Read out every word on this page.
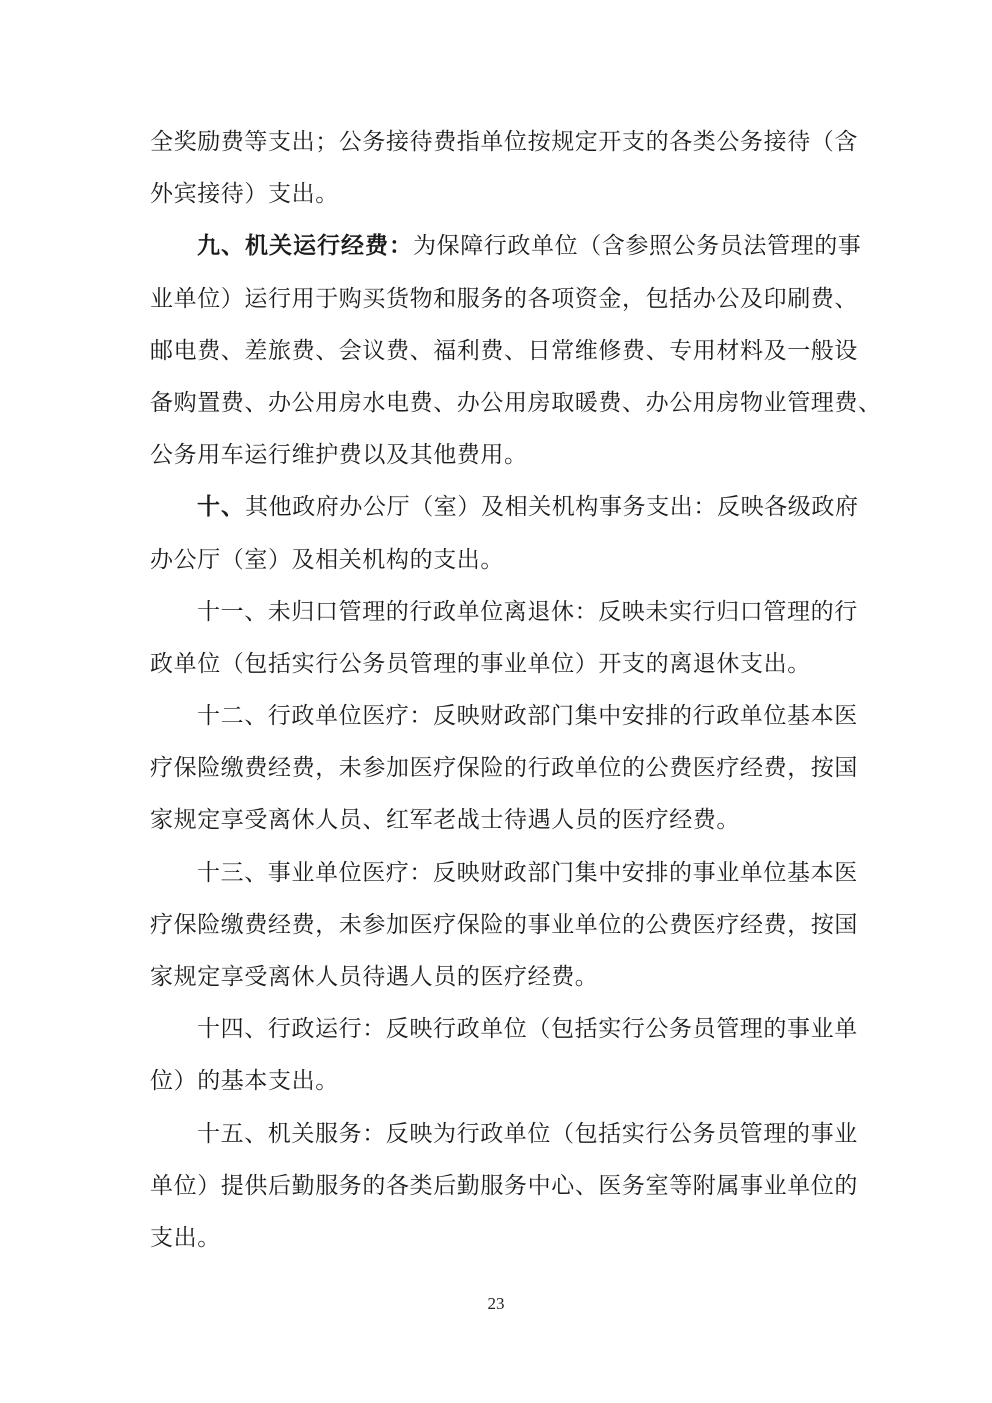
全奖励费等支出；公务接待费指单位按规定开支的各类公务接待（含
外宾接待）支出。
九、机关运行经费：为保障行政单位（含参照公务员法管理的事
业单位）运行用于购买货物和服务的各项资金，包括办公及印刷费、
邮电费、差旅费、会议费、福利费、日常维修费、专用材料及一般设
备购置费、办公用房水电费、办公用房取暖费、办公用房物业管理费、
公务用车运行维护费以及其他费用。
十、其他政府办公厅（室）及相关机构事务支出：反映各级政府
办公厅（室）及相关机构的支出。
十一、未归口管理的行政单位离退休：反映未实行归口管理的行
政单位（包括实行公务员管理的事业单位）开支的离退休支出。
十二、行政单位医疗：反映财政部门集中安排的行政单位基本医
疗保险缴费经费，未参加医疗保险的行政单位的公费医疗经费，按国
家规定享受离休人员、红军老战士待遇人员的医疗经费。
十三、事业单位医疗：反映财政部门集中安排的事业单位基本医
疗保险缴费经费，未参加医疗保险的事业单位的公费医疗经费，按国
家规定享受离休人员待遇人员的医疗经费。
十四、行政运行：反映行政单位（包括实行公务员管理的事业单
位）的基本支出。
十五、机关服务：反映为行政单位（包括实行公务员管理的事业
单位）提供后勤服务的各类后勤服务中心、医务室等附属事业单位的
支出。
23
